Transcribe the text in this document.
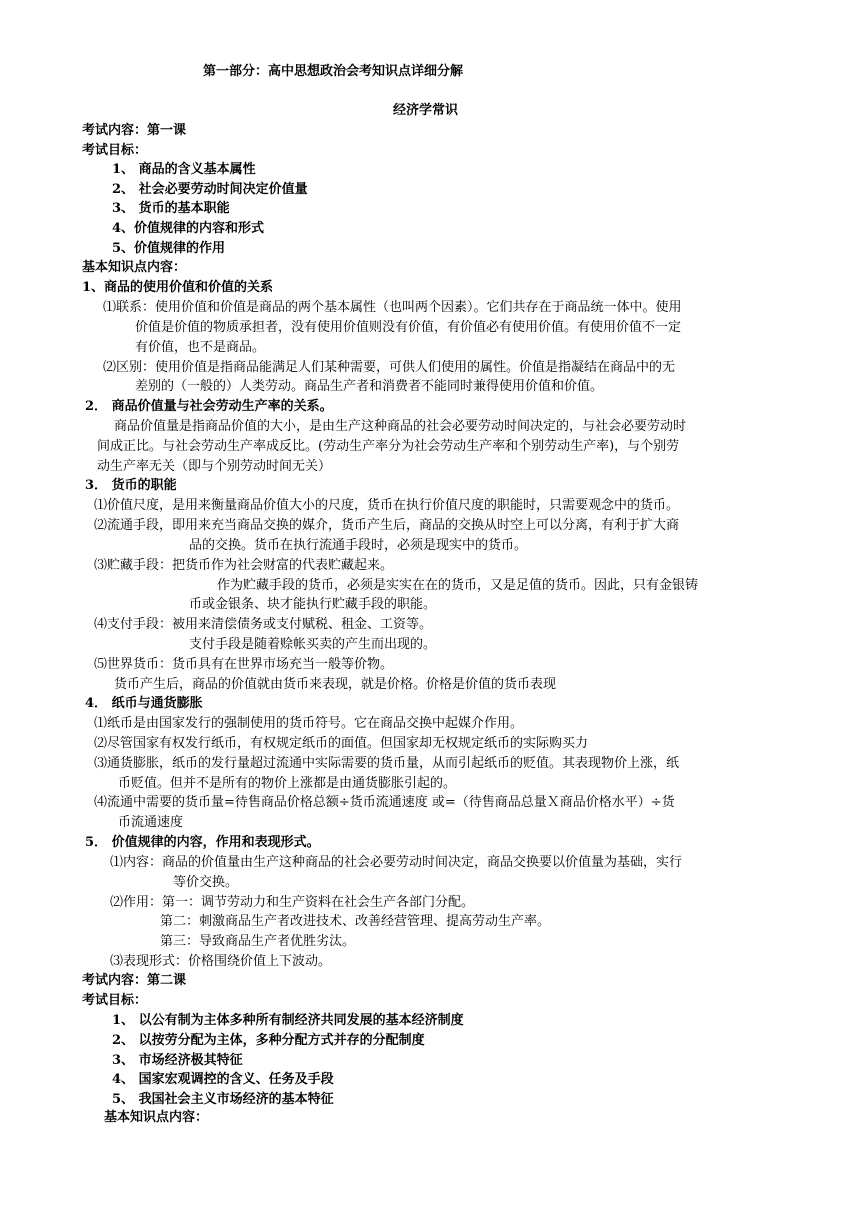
第一部分：高中思想政治会考知识点详细分解
经济学常识
考试内容：第一课
考试目标：
1、 商品的含义基本属性
2、 社会必要劳动时间决定价值量
3、 货币的基本职能
4、价值规律的内容和形式
5、价值规律的作用
基本知识点内容：
1、商品的使用价值和价值的关系
⑴联系：使用价值和价值是商品的两个基本属性（也叫两个因素）。它们共存在于商品统一体中。使用
价值是价值的物质承担者，没有使用价值则没有价值，有价值必有使用价值。有使用价值不一定
有价值，也不是商品。
⑵区别：使用价值是指商品能满足人们某种需要，可供人们使用的属性。价值是指凝结在商品中的无
差别的（一般的）人类劳动。商品生产者和消费者不能同时兼得使用价值和价值。
2． 商品价值量与社会劳动生产率的关系。
商品价值量是指商品价值的大小，是由生产这种商品的社会必要劳动时间决定的，与社会必要劳动时
间成正比。与社会劳动生产率成反比。(劳动生产率分为社会劳动生产率和个别劳动生产率)，与个别劳
动生产率无关（即与个别劳动时间无关）
3． 货币的职能
⑴价值尺度，是用来衡量商品价值大小的尺度，货币在执行价值尺度的职能时，只需要观念中的货币。
⑵流通手段，即用来充当商品交换的媒介，货币产生后，商品的交换从时空上可以分离，有利于扩大商
品的交换。货币在执行流通手段时，必须是现实中的货币。
⑶贮藏手段：把货币作为社会财富的代表贮藏起来。
作为贮藏手段的货币，必须是实实在在的货币，又是足值的货币。因此，只有金银铸
币或金银条、块才能执行贮藏手段的职能。
⑷支付手段：被用来清偿债务或支付赋税、租金、工资等。
支付手段是随着赊帐买卖的产生而出现的。
⑸世界货币：货币具有在世界市场充当一般等价物。
货币产生后，商品的价值就由货币来表现，就是价格。价格是价值的货币表现
4． 纸币与通货膨胀
⑴纸币是由国家发行的强制使用的货币符号。它在商品交换中起媒介作用。
⑵尽管国家有权发行纸币，有权规定纸币的面值。但国家却无权规定纸币的实际购买力
⑶通货膨胀，纸币的发行量超过流通中实际需要的货币量，从而引起纸币的贬值。其表现物价上涨，纸
币贬值。但并不是所有的物价上涨都是由通货膨胀引起的。
⑷流通中需要的货币量=待售商品价格总额÷货币流通速度 或=（待售商品总量Ｘ商品价格水平）÷货
币流通速度
5． 价值规律的内容，作用和表现形式。
⑴内容：商品的价值量由生产这种商品的社会必要劳动时间决定，商品交换要以价值量为基础，实行
等价交换。
⑵作用：第一：调节劳动力和生产资料在社会生产各部门分配。
第二：刺激商品生产者改进技术、改善经营管理、提高劳动生产率。
第三：导致商品生产者优胜劣汰。
⑶表现形式：价格围绕价值上下波动。
考试内容：第二课
考试目标：
1、 以公有制为主体多种所有制经济共同发展的基本经济制度
2、 以按劳分配为主体，多种分配方式并存的分配制度
3、 市场经济极其特征
4、 国家宏观调控的含义、任务及手段
5、 我国社会主义市场经济的基本特征
基本知识点内容：
